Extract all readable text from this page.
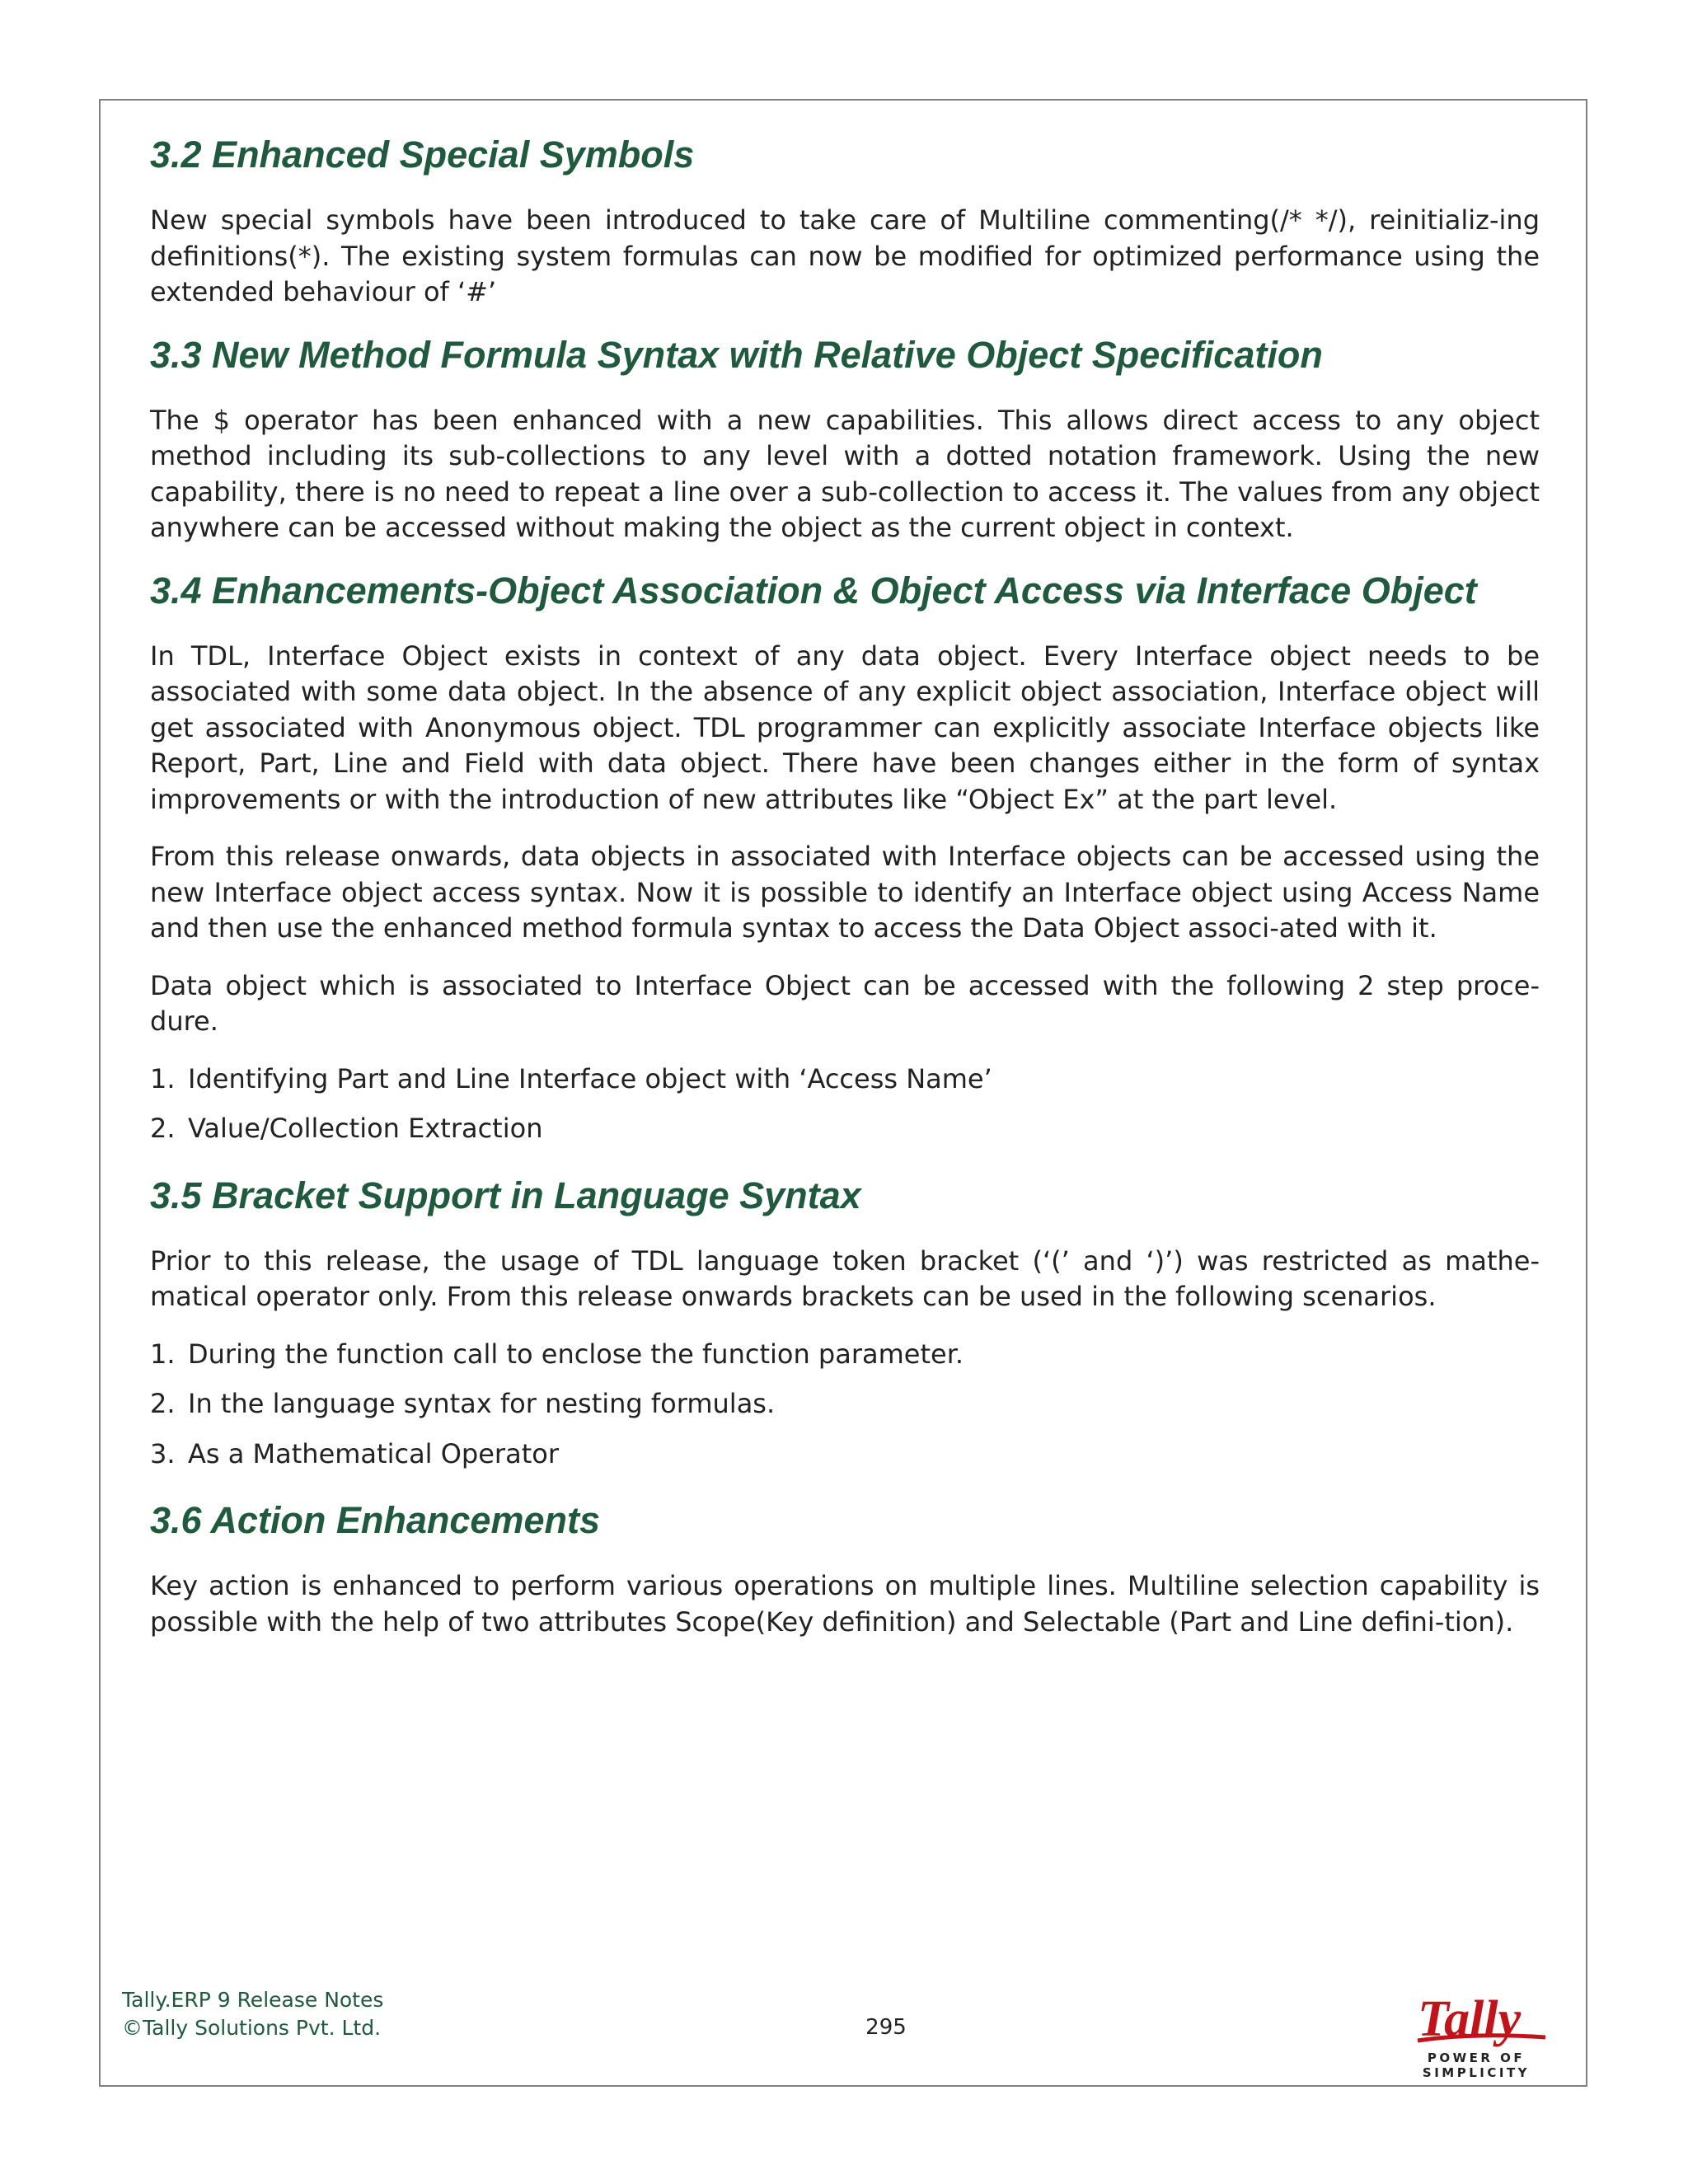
3.2 Enhanced Special Symbols

New special symbols have been introduced to take care of Multiline commenting(/* */), reinitializ-ing definitions(*). The existing system formulas can now be modified for optimized performance using the extended behaviour of ‘#’

3.3 New Method Formula Syntax with Relative Object Specification

The $ operator has been enhanced with a new capabilities. This allows direct access to any object method including its sub-collections to any level with a dotted notation framework. Using the new capability, there is no need to repeat a line over a sub-collection to access it. The values from any object anywhere can be accessed without making the object as the current object in context.

3.4 Enhancements-Object Association & Object Access via Interface Object

In TDL, Interface Object exists in context of any data object. Every Interface object needs to be associated with some data object. In the absence of any explicit object association, Interface object will get associated with Anonymous object. TDL programmer can explicitly associate Interface objects like Report, Part, Line and Field with data object. There have been changes either in the form of syntax improvements or with the introduction of new attributes like “Object Ex” at the part level.

From this release onwards, data objects in associated with Interface objects can be accessed using the new Interface object access syntax. Now it is possible to identify an Interface object using Access Name and then use the enhanced method formula syntax to access the Data Object associ-ated with it.

Data object which is associated to Interface Object can be accessed with the following 2 step proce-dure.

1. Identifying Part and Line Interface object with ‘Access Name’
2. Value/Collection Extraction
3.5 Bracket Support in Language Syntax

Prior to this release, the usage of TDL language token bracket (‘(’ and ‘)’) was restricted as mathe-matical operator only. From this release onwards brackets can be used in the following scenarios.

1. During the function call to enclose the function parameter.
2. In the language syntax for nesting formulas.
3. As a Mathematical Operator
3.6 Action Enhancements

Key action is enhanced to perform various operations on multiple lines. Multiline selection capability is possible with the help of two attributes Scope(Key definition) and Selectable (Part and Line defini-tion).

Tally.ERP 9 Release Notes
©Tally Solutions Pvt. Ltd.	295	Tally
POWER OF SIMPLICITY
